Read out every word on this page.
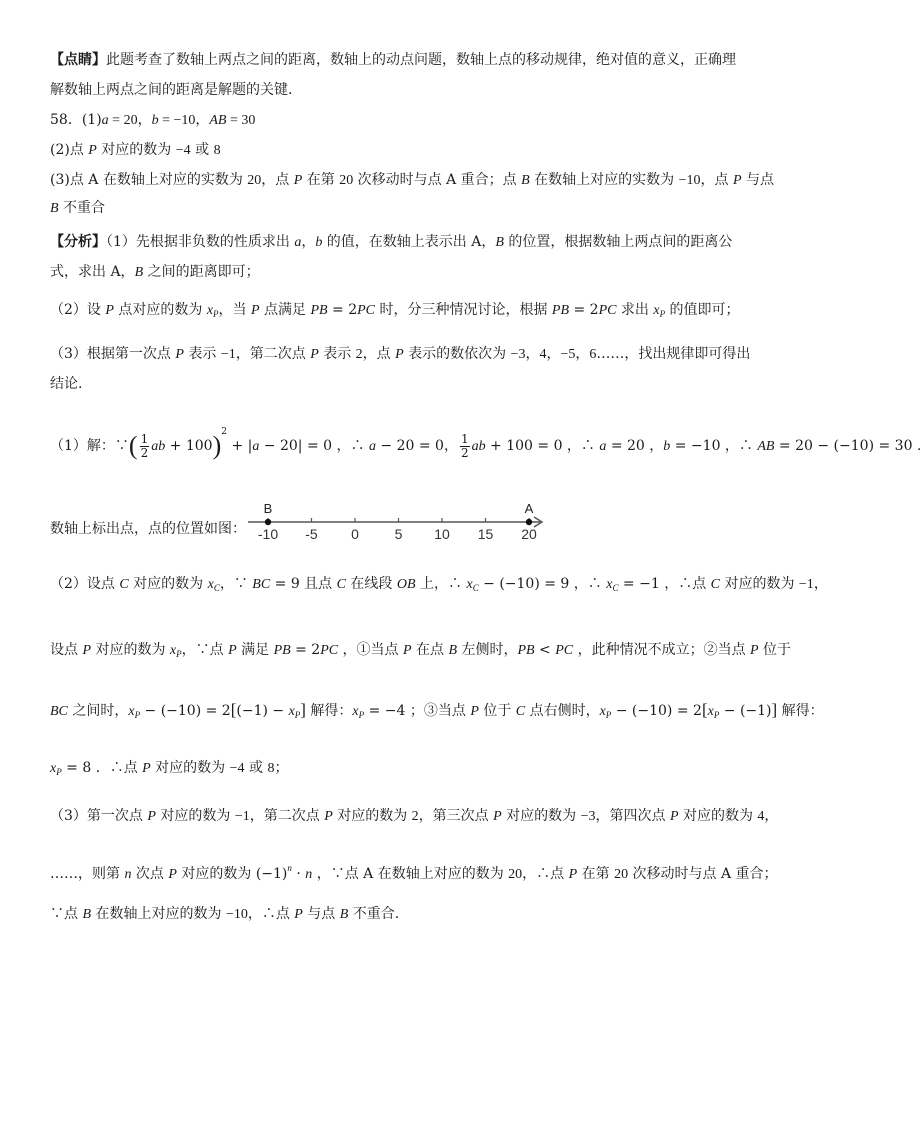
【点睛】此题考查了数轴上两点之间的距离，数轴上的动点问题，数轴上点的移动规律，绝对值的意义，正确理
解数轴上两点之间的距离是解题的关键.
58．(1)a = 20，b = −10，AB = 30
(2)点 P 对应的数为 −4 或 8
(3)点 A 在数轴上对应的实数为 20，点 P 在第 20 次移动时与点 A 重合；点 B 在数轴上对应的实数为 −10，点 P 与点
B 不重合
【分析】（1）先根据非负数的性质求出 a，b 的值，在数轴上表示出 A，B 的位置，根据数轴上两点间的距离公
式，求出 A，B 之间的距离即可；
（2）设 P 点对应的数为 $x_P$，当 P 点满足 PB = 2PC 时，分三种情况讨论，根据 PB = 2PC 求出 $x_P$ 的值即可；
（3）根据第一次点 P 表示 −1，第二次点 P 表示 2，点 P 表示的数依次为 −3，4，−5，6……，找出规律即可得出
结论.
（1）解：∵( $\frac{1}{2}$ ab + 100)$^2$ + |a − 20| = 0 ，∴ a − 20 = 0， $\frac{1}{2}$ ab + 100 = 0 ，∴ a = 20 ，b = −10 ，∴ AB = 20 − (−10) = 30 .
数轴上标出点，点的位置如图： -10 -5 0	5 10 15 20
B	A
（2）设点 C 对应的数为 $x_C$，∵ BC = 9 且点 C 在线段 OB 上，∴ $x_C - (-10) = 9$ ，∴ $x_C = -1$ ，∴点 C 对应的数为 −1，
设点 P 对应的数为 $x_P$，∵点 P 满足 PB = 2PC ，①当点 P 在点 B 左侧时，PB < PC ，此种情况不成立；②当点 P 位于
BC 之间时，$x_P - (-10) = 2[(-1) - x_P]$ 解得：$x_P = -4$ ；③当点 P 位于 C 点右侧时，$x_P - (-10) = 2[x_P - (-1)]$ 解得：
$x_P = 8$ ．∴点 P 对应的数为 −4 或 8；
（3）第一次点 P 对应的数为 −1，第二次点 P 对应的数为 2，第三次点 P 对应的数为 −3，第四次点 P 对应的数为 4，
……，则第 n 次点 P 对应的数为 $(-1)^n \cdot n$ ，∵点 A 在数轴上对应的数为 20，∴点 P 在第 20 次移动时与点 A 重合；
∵点 B 在数轴上对应的数为 −10，∴点 P 与点 B 不重合.
